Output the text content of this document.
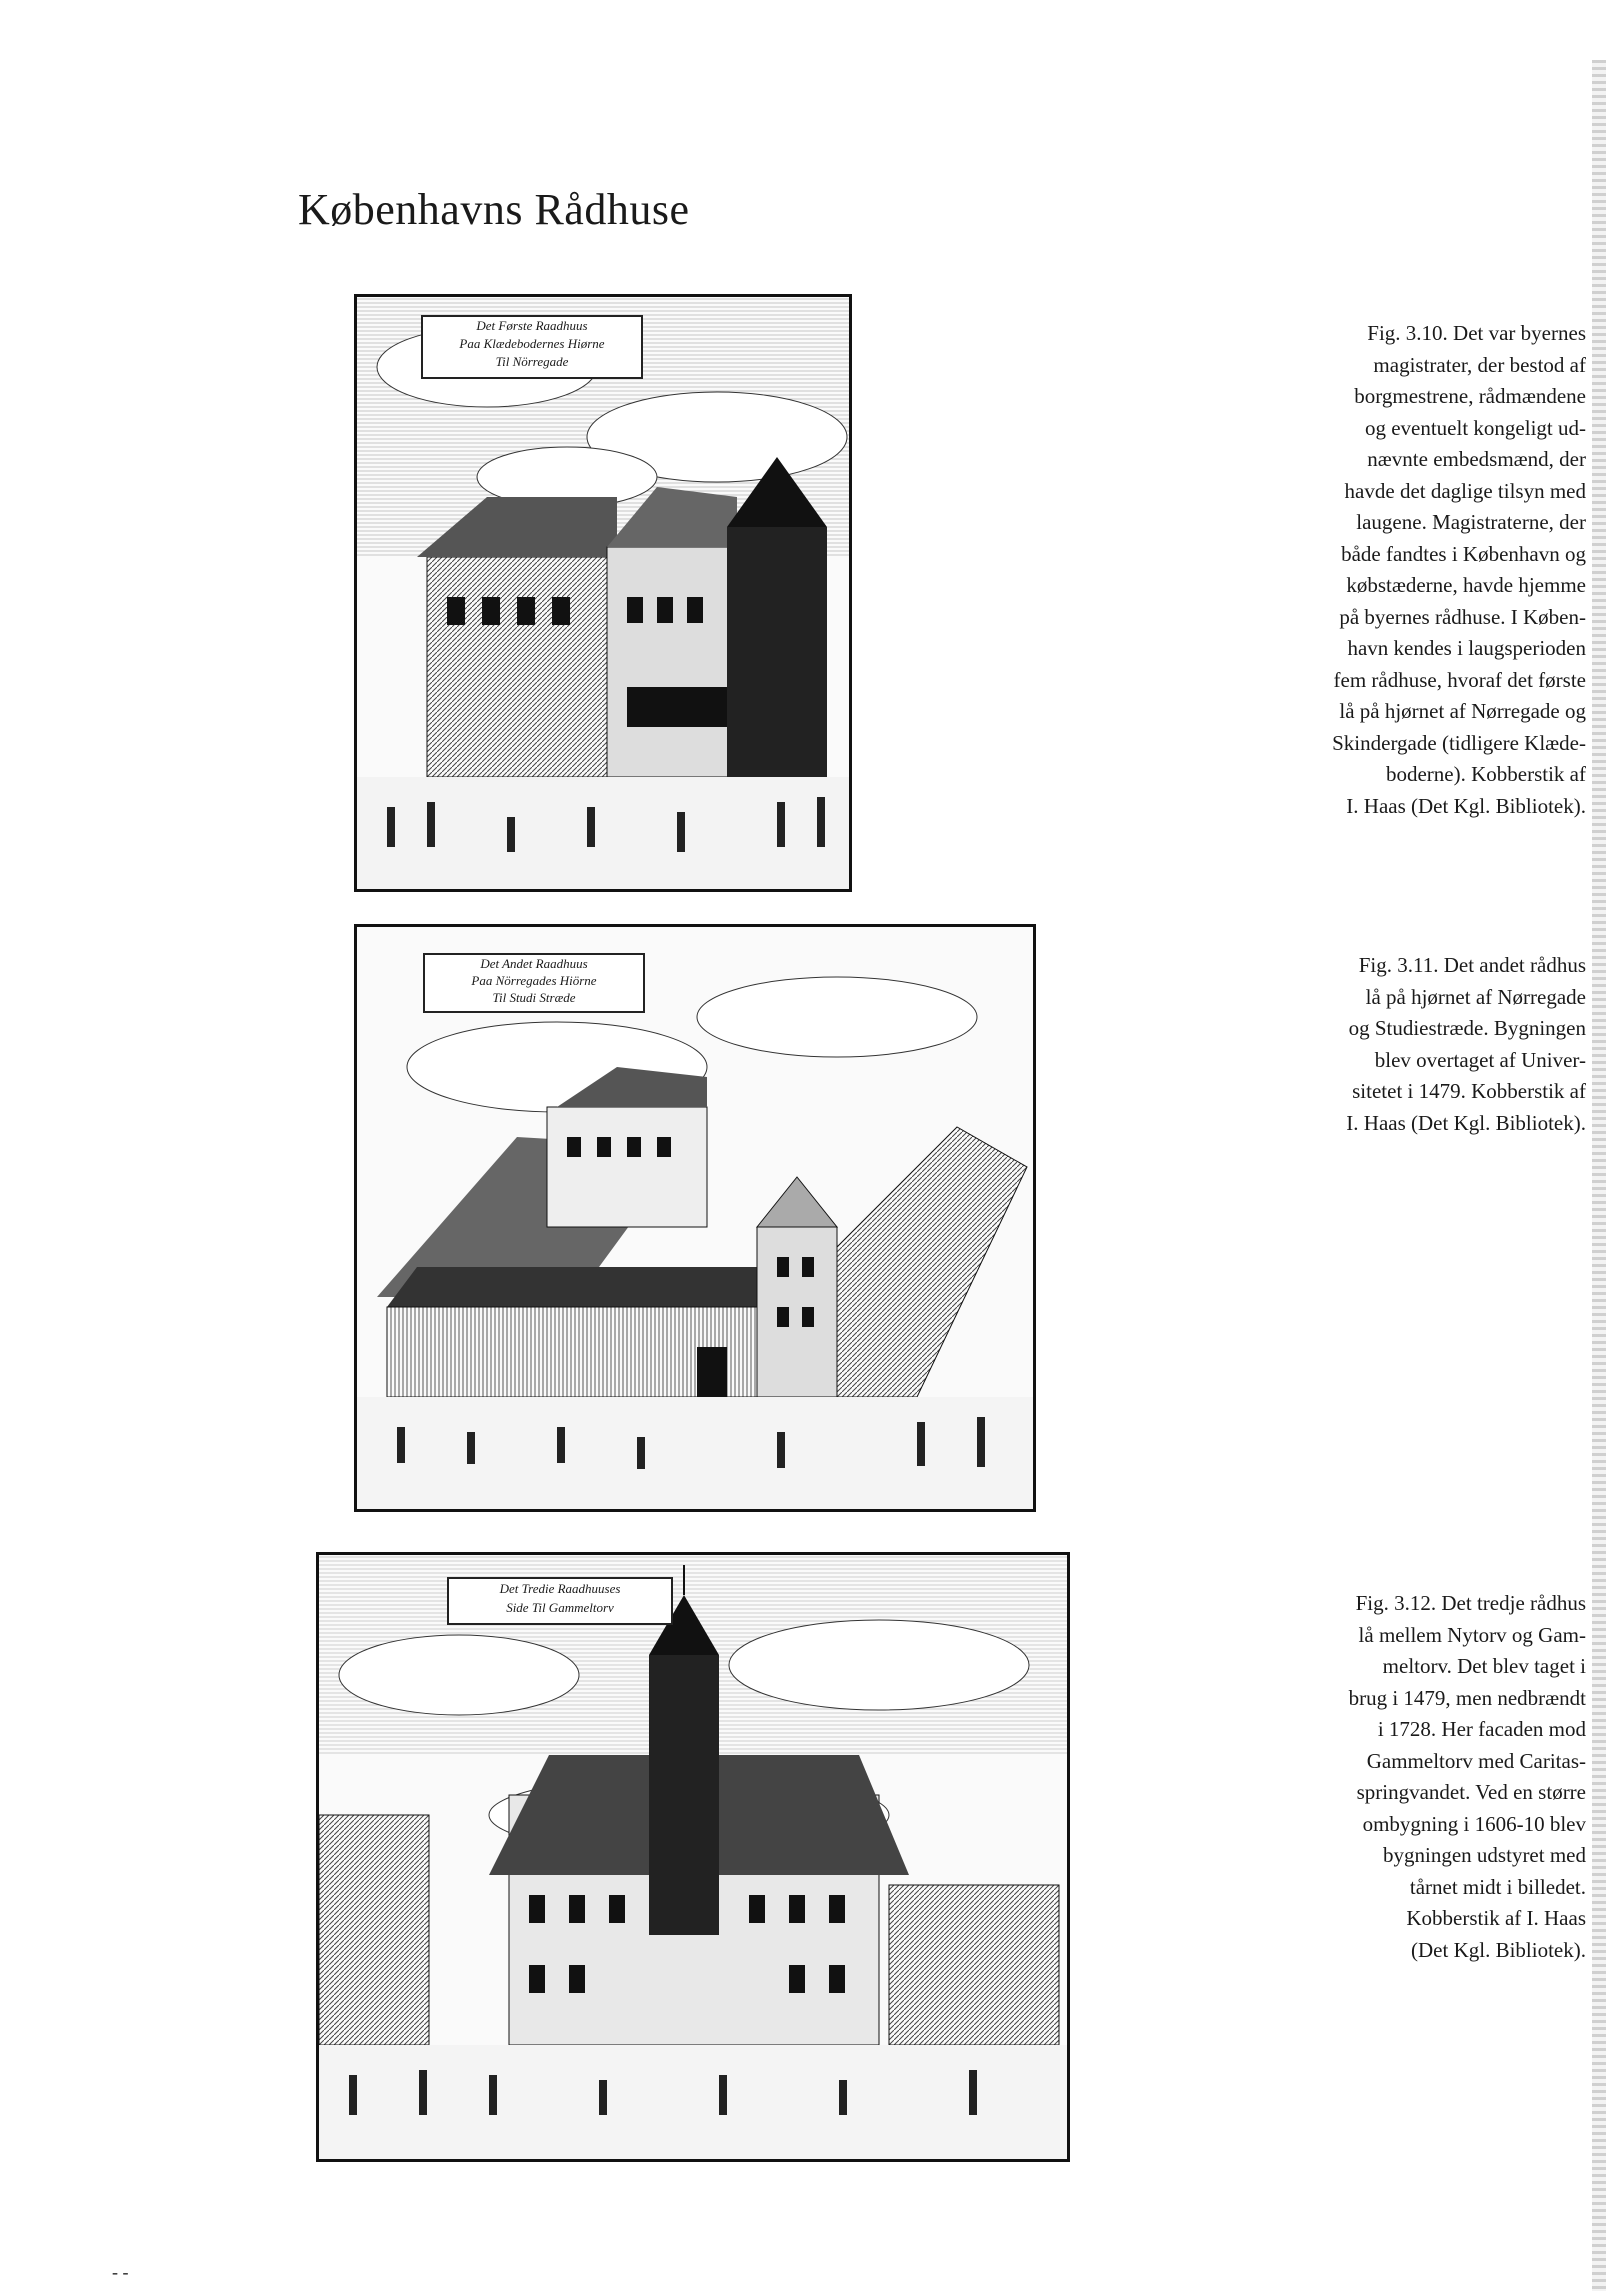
Københavns Rådhuse
Det Første Raadhuus
Paa Klædebodernes Hiørne
Til Nörregade
Det Andet Raadhuus
Paa Nörregades Hiörne
Til Studi Stræde
Det Tredie Raadhuuses
Side Til Gammeltorv

Fig. 3.10. Det var byernes
magistrater, der bestod af
borgmestrene, rådmændene
og eventuelt kongeligt ud-
nævnte embedsmænd, der
havde det daglige tilsyn med
laugene. Magistraterne, der
både fandtes i København og
købstæderne, havde hjemme
på byernes rådhuse. I Køben-
havn kendes i laugsperioden
fem rådhuse, hvoraf det første
lå på hjørnet af Nørregade og
Skindergade (tidligere Klæde-
boderne). Kobberstik af
I. Haas (Det Kgl. Bibliotek).

Fig. 3.11. Det andet rådhus
lå på hjørnet af Nørregade
og Studiestræde. Bygningen
blev overtaget af Univer-
sitetet i 1479. Kobberstik af
I. Haas (Det Kgl. Bibliotek).

Fig. 3.12. Det tredje rådhus
lå mellem Nytorv og Gam-
meltorv. Det blev taget i
brug i 1479, men nedbrændt
i 1728. Her facaden mod
Gammeltorv med Caritas-
springvandet. Ved en større
ombygning i 1606-10 blev
bygningen udstyret med
tårnet midt i billedet.
Kobberstik af I. Haas
(Det Kgl. Bibliotek).

- -
